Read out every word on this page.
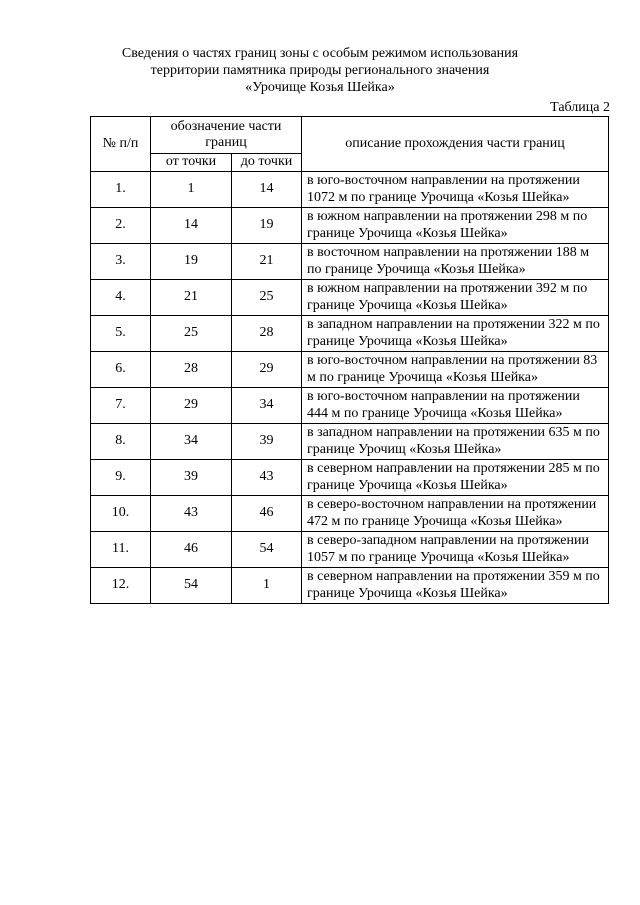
Сведения о частях границ зоны с особым режимом использования
территории памятника природы регионального значения
«Урочище Козья Шейка»
Таблица 2
№ п/п	обозначение части границ		описание прохождения части границ
	от точки	до точки	
1.	1	14	в юго-восточном направлении на протяжении 1072 м по границе Урочища «Козья Шейка»
2.	14	19	в южном направлении на протяжении 298 м по границе Урочища «Козья Шейка»
3.	19	21	в восточном направлении на протяжении 188 м по границе Урочища «Козья Шейка»
4.	21	25	в южном направлении на протяжении 392 м по границе Урочища «Козья Шейка»
5.	25	28	в западном направлении на протяжении 322 м по границе Урочища «Козья Шейка»
6.	28	29	в юго-восточном направлении на протяжении 83 м по границе Урочища «Козья Шейка»
7.	29	34	в юго-восточном направлении на протяжении 444 м по границе Урочища «Козья Шейка»
8.	34	39	в западном направлении на протяжении 635 м по границе Урочищ «Козья Шейка»
9.	39	43	в северном направлении на протяжении 285 м по границе Урочища «Козья Шейка»
10.	43	46	в северо-восточном направлении на протяжении 472 м по границе Урочища «Козья Шейка»
11.	46	54	в северо-западном направлении на протяжении 1057 м по границе Урочища «Козья Шейка»
12.	54	1	в северном направлении на протяжении 359 м по границе Урочища «Козья Шейка»
